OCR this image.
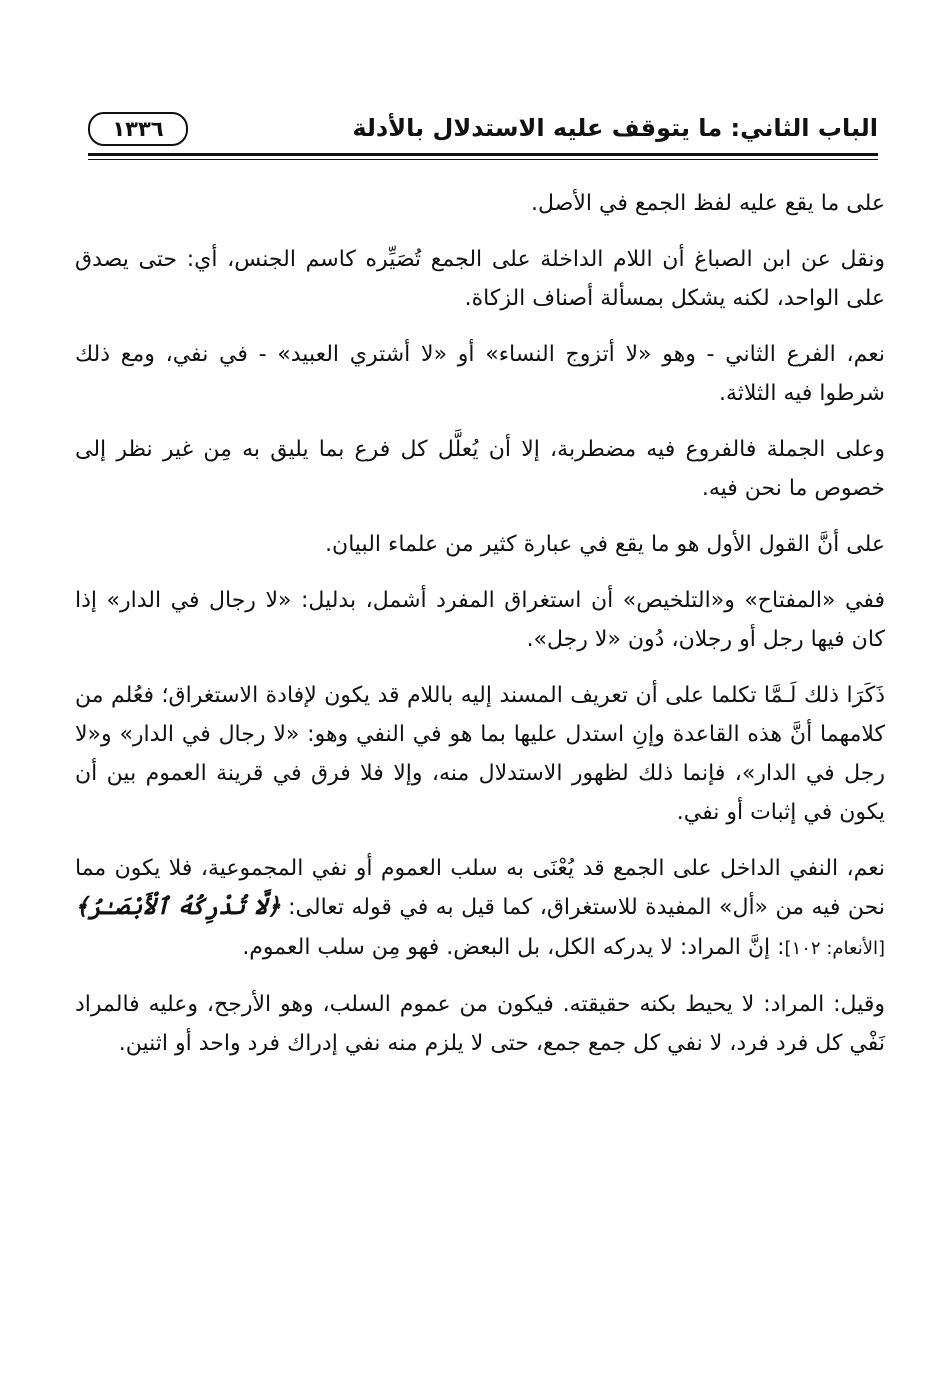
١٣٣٦	الباب الثاني: ما يتوقف عليه الاستدلال بالأدلة

على ما يقع عليه لفظ الجمع في الأصل.

ونقل عن ابن الصباغ أن اللام الداخلة على الجمع تُصَيِّره كاسم الجنس، أي: حتى يصدق على الواحد، لكنه يشكل بمسألة أصناف الزكاة.

نعم، الفرع الثاني - وهو «لا أتزوج النساء» أو «لا أشتري العبيد» - في نفي، ومع ذلك شرطوا فيه الثلاثة.

وعلى الجملة فالفروع فيه مضطربة، إلا أن يُعلَّل كل فرع بما يليق به مِن غير نظر إلى خصوص ما نحن فيه.

على أنَّ القول الأول هو ما يقع في عبارة كثير من علماء البيان.

ففي «المفتاح» و«التلخيص» أن استغراق المفرد أشمل، بدليل: «لا رجال في الدار» إذا كان فيها رجل أو رجلان، دُون «لا رجل».

ذَكَرَا ذلك لَـمَّا تكلما على أن تعريف المسند إليه باللام قد يكون لإفادة الاستغراق؛ فعُلم من كلامهما أنَّ هذه القاعدة وإنِ استدل عليها بما هو في النفي وهو: «لا رجال في الدار» و«لا رجل في الدار»، فإنما ذلك لظهور الاستدلال منه، وإلا فلا فرق في قرينة العموم بين أن يكون في إثبات أو نفي.

نعم، النفي الداخل على الجمع قد يُعْنَى به سلب العموم أو نفي المجموعية، فلا يكون مما نحن فيه من «أل» المفيدة للاستغراق، كما قيل به في قوله تعالى: ﴿لَّا تُدْرِكُهُ ٱلْأَبْصَـٰرُ﴾ [الأنعام: ١٠٢]: إنَّ المراد: لا يدركه الكل، بل البعض. فهو مِن سلب العموم.

وقيل: المراد: لا يحيط بكنه حقيقته. فيكون من عموم السلب، وهو الأرجح، وعليه فالمراد نَفْي كل فرد فرد، لا نفي كل جمع جمع، حتى لا يلزم منه نفي إدراك فرد واحد أو اثنين.
